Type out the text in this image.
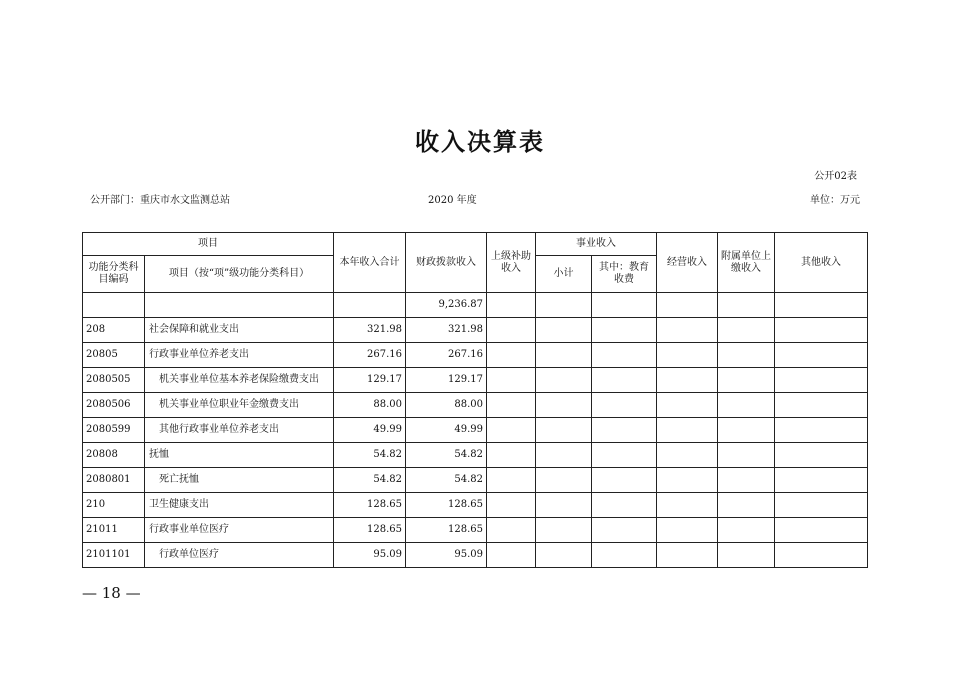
收入决算表
公开02表
公开部门：重庆市水文监测总站	2020 年度	单位：万元
项目		本年收入合计	财政拨款收入	上级补助收入	事业收入		经营收入	附属单位上缴收入	其他收入
功能分类科目编码	项目（按“项”级功能分类科目）				小计	其中：教育收费			

			9,236.87						
208	社会保障和就业支出	321.98	321.98						
20805	行政事业单位养老支出	267.16	267.16						
2080505	机关事业单位基本养老保险缴费支出	129.17	129.17						
2080506	机关事业单位职业年金缴费支出	88.00	88.00						
2080599	其他行政事业单位养老支出	49.99	49.99						
20808	抚恤	54.82	54.82						
2080801	死亡抚恤	54.82	54.82						
210	卫生健康支出	128.65	128.65						
21011	行政事业单位医疗	128.65	128.65						
2101101	行政单位医疗	95.09	95.09						
— 18 —
